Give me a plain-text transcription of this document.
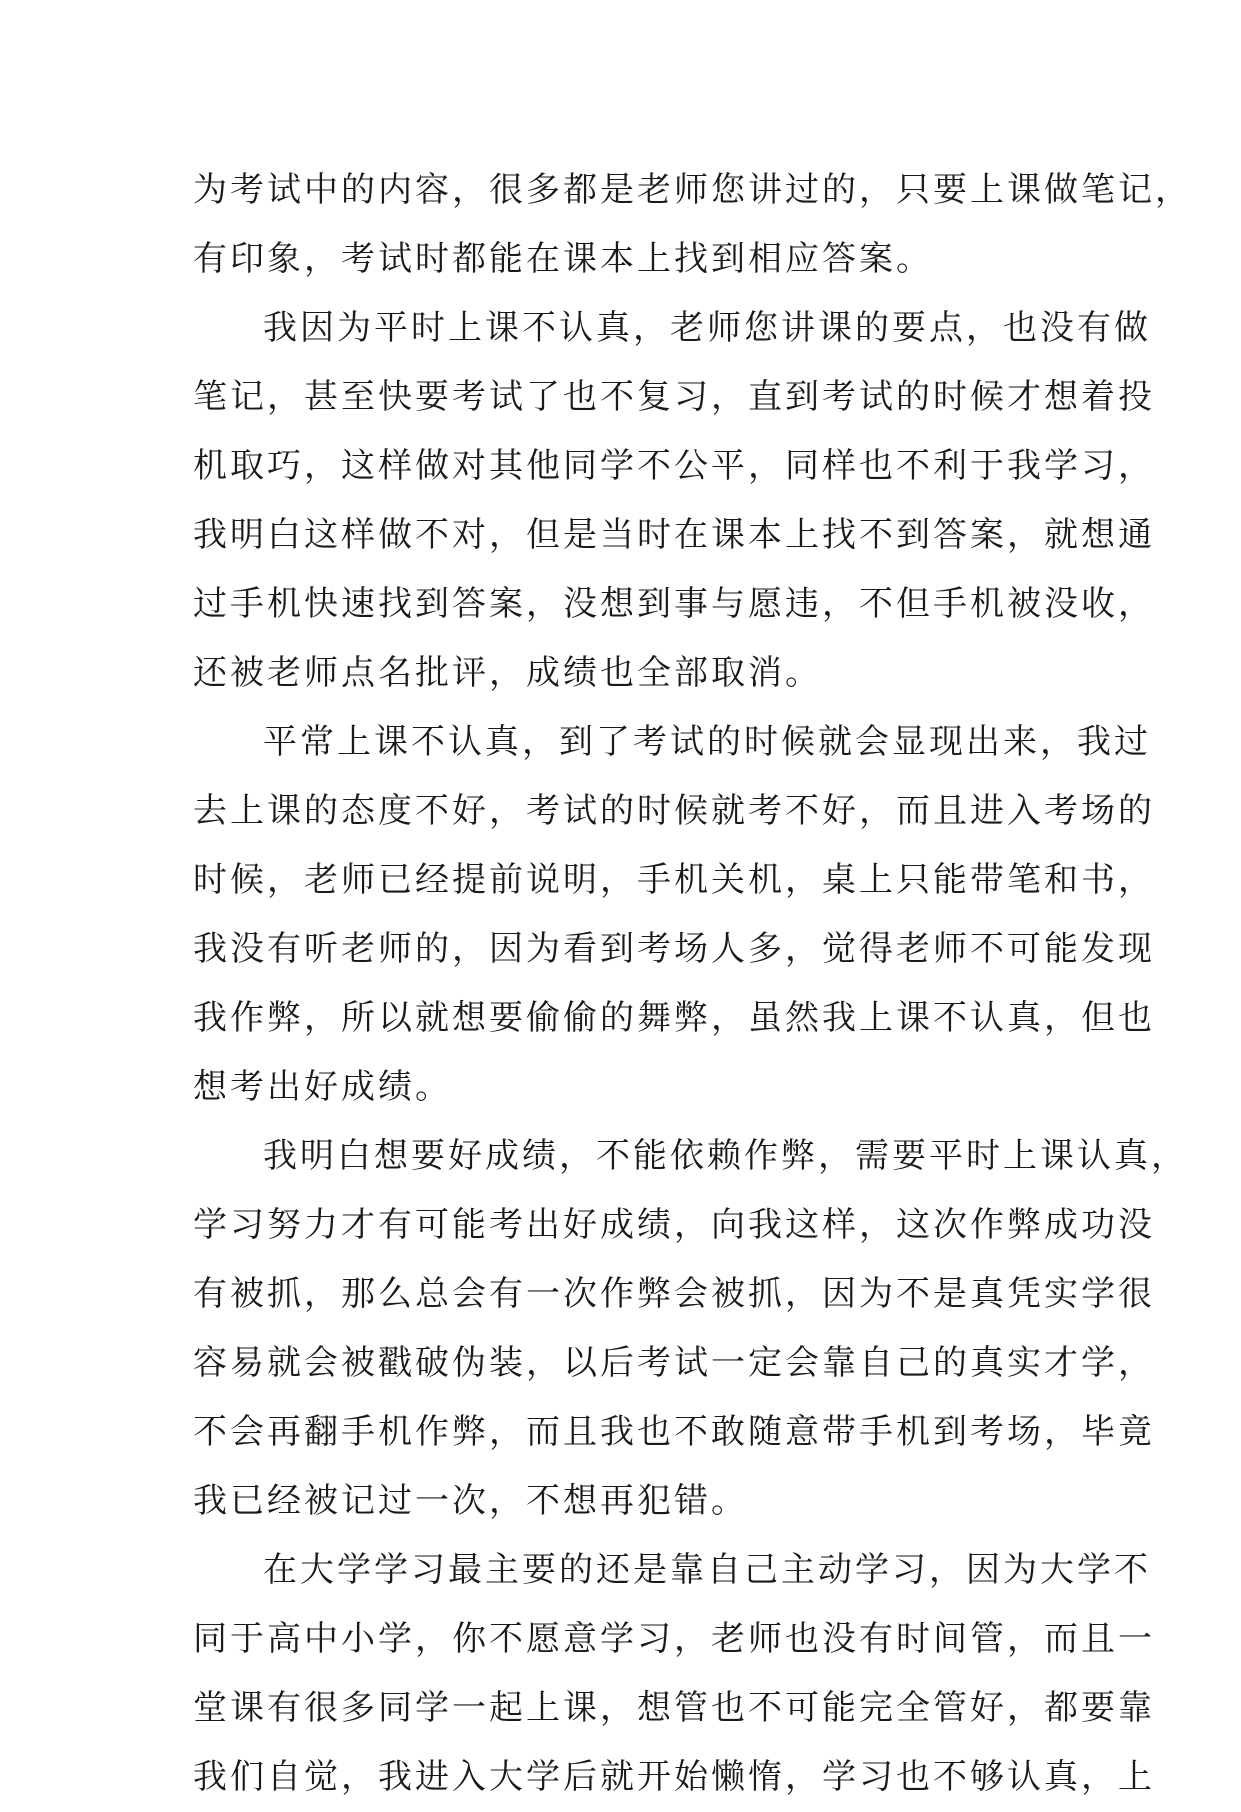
为考试中的内容，很多都是老师您讲过的，只要上课做笔记，
有印象，考试时都能在课本上找到相应答案。
我因为平时上课不认真，老师您讲课的要点，也没有做
笔记，甚至快要考试了也不复习，直到考试的时候才想着投
机取巧，这样做对其他同学不公平，同样也不利于我学习，
我明白这样做不对，但是当时在课本上找不到答案，就想通
过手机快速找到答案，没想到事与愿违，不但手机被没收，
还被老师点名批评，成绩也全部取消。
平常上课不认真，到了考试的时候就会显现出来，我过
去上课的态度不好，考试的时候就考不好，而且进入考场的
时候，老师已经提前说明，手机关机，桌上只能带笔和书，
我没有听老师的，因为看到考场人多，觉得老师不可能发现
我作弊，所以就想要偷偷的舞弊，虽然我上课不认真，但也
想考出好成绩。
我明白想要好成绩，不能依赖作弊，需要平时上课认真，
学习努力才有可能考出好成绩，向我这样，这次作弊成功没
有被抓，那么总会有一次作弊会被抓，因为不是真凭实学很
容易就会被戳破伪装，以后考试一定会靠自己的真实才学，
不会再翻手机作弊，而且我也不敢随意带手机到考场，毕竟
我已经被记过一次，不想再犯错。
在大学学习最主要的还是靠自己主动学习，因为大学不
同于高中小学，你不愿意学习，老师也没有时间管，而且一
堂课有很多同学一起上课，想管也不可能完全管好，都要靠
我们自觉，我进入大学后就开始懒惰，学习也不够认真，上
